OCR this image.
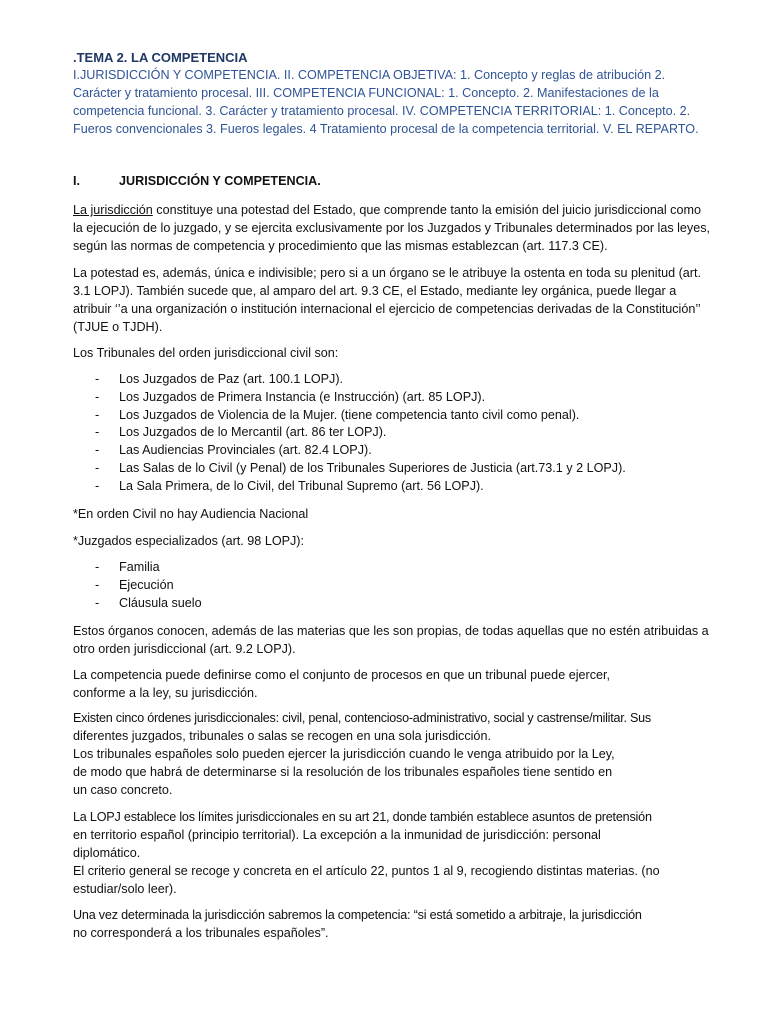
.TEMA 2. LA COMPETENCIA

I.JURISDICCIÓN Y COMPETENCIA. II. COMPETENCIA OBJETIVA: 1. Concepto y reglas de atribución 2. Carácter y tratamiento procesal. III. COMPETENCIA FUNCIONAL: 1. Concepto. 2. Manifestaciones de la competencia funcional. 3. Carácter y tratamiento procesal. IV. COMPETENCIA TERRITORIAL: 1. Concepto. 2. Fueros convencionales 3. Fueros legales. 4 Tratamiento procesal de la competencia territorial. V. EL REPARTO.

I.	JURISDICCIÓN Y COMPETENCIA.

La jurisdicción constituye una potestad del Estado, que comprende tanto la emisión del juicio jurisdiccional como la ejecución de lo juzgado, y se ejercita exclusivamente por los Juzgados y Tribunales determinados por las leyes, según las normas de competencia y procedimiento que las mismas establezcan (art. 117.3 CE).

La potestad es, además, única e indivisible; pero si a un órgano se le atribuye la ostenta en toda su plenitud (art. 3.1 LOPJ). También sucede que, al amparo del art. 9.3 CE, el Estado, mediante ley orgánica, puede llegar a atribuir ‘’a una organización o institución internacional el ejercicio de competencias derivadas de la Constitución’’ (TJUE o TJDH).

Los Tribunales del orden jurisdiccional civil son:

- Los Juzgados de Paz (art. 100.1 LOPJ).
- Los Juzgados de Primera Instancia (e Instrucción) (art. 85 LOPJ).
- Los Juzgados de Violencia de la Mujer. (tiene competencia tanto civil como penal).
- Los Juzgados de lo Mercantil (art. 86 ter LOPJ).
- Las Audiencias Provinciales (art. 82.4 LOPJ).
- Las Salas de lo Civil (y Penal) de los Tribunales Superiores de Justicia (art.73.1 y 2 LOPJ).
- La Sala Primera, de lo Civil, del Tribunal Supremo (art. 56 LOPJ).

*En orden Civil no hay Audiencia Nacional

*Juzgados especializados (art. 98 LOPJ):

- Familia
- Ejecución
- Cláusula suelo

Estos órganos conocen, además de las materias que les son propias, de todas aquellas que no estén atribuidas a otro orden jurisdiccional (art. 9.2 LOPJ).

La competencia puede definirse como el conjunto de procesos en que un tribunal puede ejercer,
conforme a la ley, su jurisdicción.
Existen cinco órdenes jurisdiccionales: civil, penal, contencioso-administrativo, social y castrense/militar. Sus
diferentes juzgados, tribunales o salas se recogen en una sola jurisdicción.
Los tribunales españoles solo pueden ejercer la jurisdicción cuando le venga atribuido por la Ley,
de modo que habrá de determinarse si la resolución de los tribunales españoles tiene sentido en
un caso concreto.
La LOPJ establece los límites jurisdiccionales en su art 21, donde también establece asuntos de pretensión
en territorio español (principio territorial). La excepción a la inmunidad de jurisdicción: personal
diplomático.
El criterio general se recoge y concreta en el artículo 22, puntos 1 al 9, recogiendo distintas materias. (no
estudiar/solo leer).
Una vez determinada la jurisdicción sabremos la competencia: “si está sometido a arbitraje, la jurisdicción
no corresponderá a los tribunales españoles”.
